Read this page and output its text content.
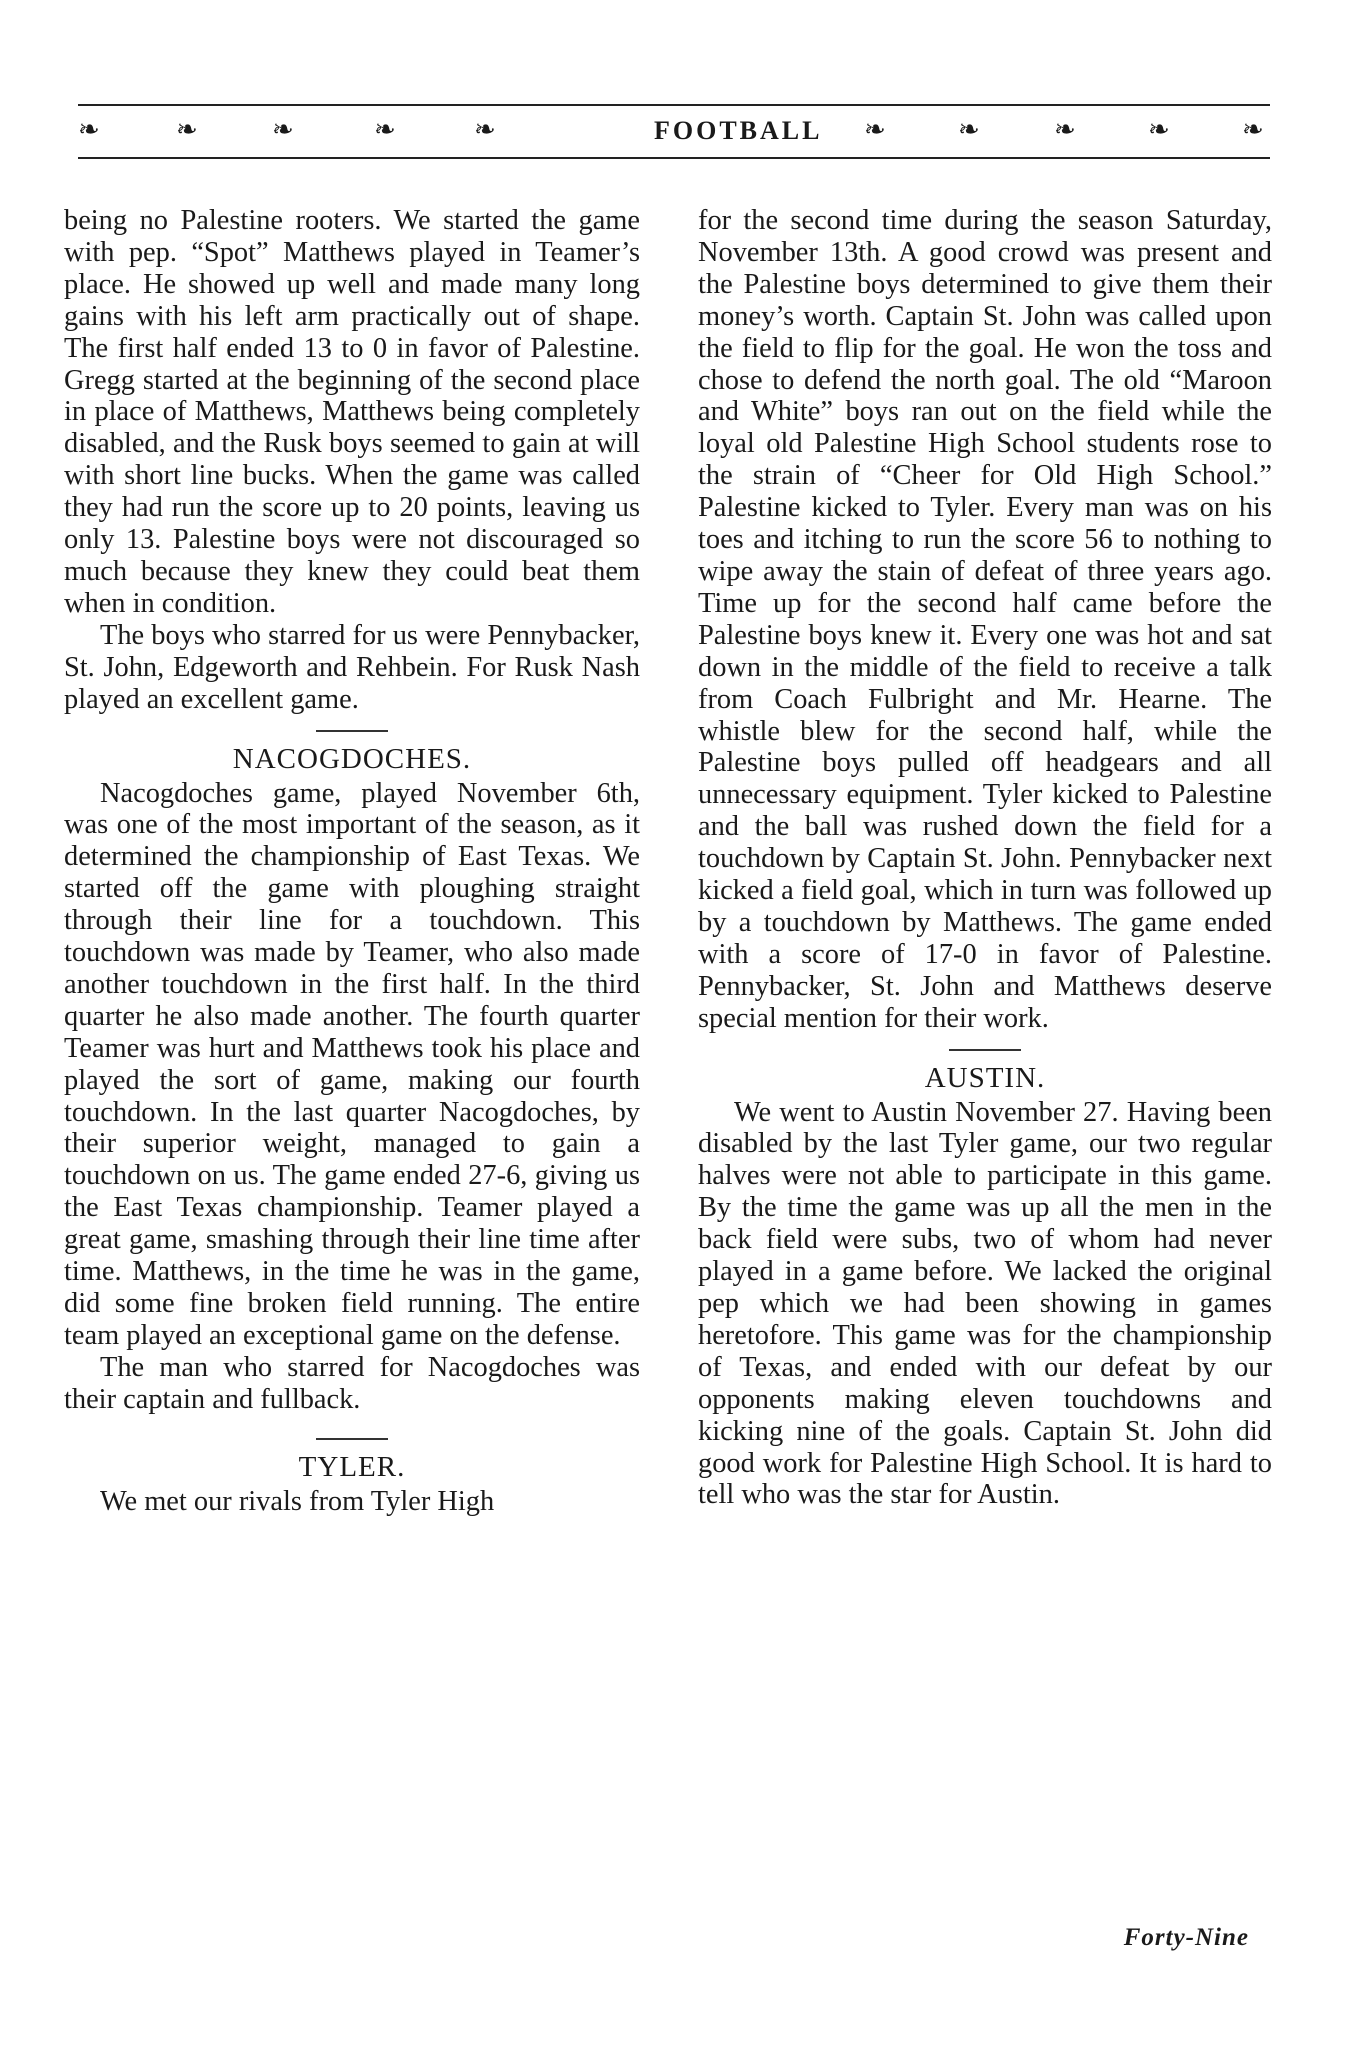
❧	❧	❧	❧	❧	FOOTBALL ❧	❧	❧	❧	❧

being no Palestine rooters. We started the game with pep. “Spot” Matthews played in Teamer’s place. He showed up well and made many long gains with his left arm practically out of shape. The first half ended 13 to 0 in favor of Palestine. Gregg started at the beginning of the second place in place of Matthews, Matthews being completely disabled, and the Rusk boys seemed to gain at will with short line bucks. When the game was called they had run the score up to 20 points, leaving us only 13. Palestine boys were not discouraged so much because they knew they could beat them when in condition.

The boys who starred for us were Pennybacker, St. John, Edgeworth and Rehbein. For Rusk Nash played an excellent game.

NACOGDOCHES.

Nacogdoches game, played November 6th, was one of the most important of the season, as it determined the championship of East Texas. We started off the game with ploughing straight through their line for a touchdown. This touchdown was made by Teamer, who also made another touchdown in the first half. In the third quarter he also made another. The fourth quarter Teamer was hurt and Matthews took his place and played the sort of game, making our fourth touchdown. In the last quarter Nacogdoches, by their superior weight, managed to gain a touchdown on us. The game ended 27-6, giving us the East Texas championship. Teamer played a great game, smashing through their line time after time. Matthews, in the time he was in the game, did some fine broken field running. The entire team played an exceptional game on the defense.

The man who starred for Nacogdoches was their captain and fullback.

TYLER.

We met our rivals from Tyler High

for the second time during the season Saturday, November 13th. A good crowd was present and the Palestine boys determined to give them their money’s worth. Captain St. John was called upon the field to flip for the goal. He won the toss and chose to defend the north goal. The old “Maroon and White” boys ran out on the field while the loyal old Palestine High School students rose to the strain of “Cheer for Old High School.” Palestine kicked to Tyler. Every man was on his toes and itching to run the score 56 to nothing to wipe away the stain of defeat of three years ago. Time up for the second half came before the Palestine boys knew it. Every one was hot and sat down in the middle of the field to receive a talk from Coach Fulbright and Mr. Hearne. The whistle blew for the second half, while the Palestine boys pulled off headgears and all unnecessary equipment. Tyler kicked to Palestine and the ball was rushed down the field for a touchdown by Captain St. John. Pennybacker next kicked a field goal, which in turn was followed up by a touchdown by Matthews. The game ended with a score of 17-0 in favor of Palestine. Pennybacker, St. John and Matthews deserve special mention for their work.

AUSTIN.

We went to Austin November 27. Having been disabled by the last Tyler game, our two regular halves were not able to participate in this game. By the time the game was up all the men in the back field were subs, two of whom had never played in a game before. We lacked the original pep which we had been showing in games heretofore. This game was for the championship of Texas, and ended with our defeat by our opponents making eleven touchdowns and kicking nine of the goals. Captain St. John did good work for Palestine High School. It is hard to tell who was the star for Austin.

Forty-Nine
